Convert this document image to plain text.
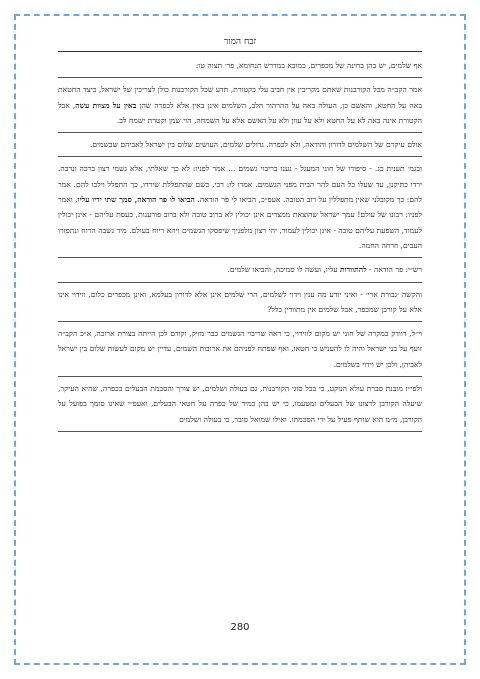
זבח המור

אף שלמים, יש בהן בחינה של מכפרים, כמובא במדרש תנחומא, פר׳ תצוה טו:

אמר הקב״ה מכל הקורבנות שאתם מקריבין אין חביב עלי כקטורת, תדע שכל הקורבנות כולן לצריכין של ישראל, כיצד החטאת באה על החטא, והאשם כן, העולה באה על ההרהור הלב, השלמים אינן באין אלא לכפרה שהן באין על מצוות עשה, אבל הקטורת אינה באה לא על החטא ולא על עוון ולא על האשם אלא על השמחה, הוי שמן וקטרת ישמח לב.

אולם עיקרם של השלמים לדורון והודאה, ולא לכפרה. גדולים שלמים, העושים שלום בין ישראל לאביהם שבשמים.

ובגמ׳ תענית כג. - סיפורו של חוני המעגל - נענו בריבוי גשמים ... אמר לפניו: לא כך שאלתי, אלא גשמי רצון ברכה ונדבה. ירדו כתיקנן, עד שעלו כל העם להר הבית מפני הגשמים. אמרו לו: רבי, כשם שהתפללת שירדו, כך התפלל וילכו להם. אמר להם: כך מקובלני שאין מתפללין על רוב הטובה. אעפ״כ, הביאו לי פר הודאה. הביאו לו פר הודאה, סמך שתי ידיו עליו, ואמר לפניו: רבונו של עולם! עמך ישראל שהוצאת ממצרים אינן יכולין לא ברוב טובה ולא ברוב פורענות, כעסת עליהם - אינן יכולין לעמוד, השפעת עליהם טובה - אינן יכולין לעמוד, יהי רצון מלפניך שיפסקו הגשמים ויהא ריוח בעולם. מיד נשבה הרוח ונתפזרו העבים, וזרחה החמה.

רש״י: פר הודאה - להתוודות עליו, ועשה לו סמיכה, והביאו שלמים.

והקשה ׳גבורת ארי׳ - ואיני יודע מה ענין וידוי לשלמים, הרי שלמים אינן אלא לדורון בעלמא, ואינן מכפרים כלום, ווידוי אינו אלא על קורבן שמכפר, אבל שלמים אין מתוודין כלל?

וי״ל, דוודק במקרה של חוני יש מקום לווידוי, כי ראה שריבוי הגשמים כבר מזיק, וקודם לכן הייתה בצורת ארוכה, א״כ הקב״ה זועף על בני ישראל והיה לו להעניש כי חטאו, ואף שפתח לפניהם את ארובות השמים, עדיין יש מקום לעשות שלום בין ישראל לאביהן, ולכן יש וידוי בשלמים.

ולפי״ז מובנת סברת עולא הנוקט, כי בכל סוגי הקורבנות, גם בעולה ושלמים, יש צורך והסכמת הבעלים בכפרה, שהיא העיקר, שיעלה הקורבן לרצונו של הבעלים ומטעמו, כי יש בהן כמיד של כפרה על חטאי הבעלים, ואעפ״י שאינו סומך בפועל על הקורבן, מ״מ הוא שותף פעיל על ידי הסכמתו. ואילו שמואל סובר, כי בעולה ושלמים

280
